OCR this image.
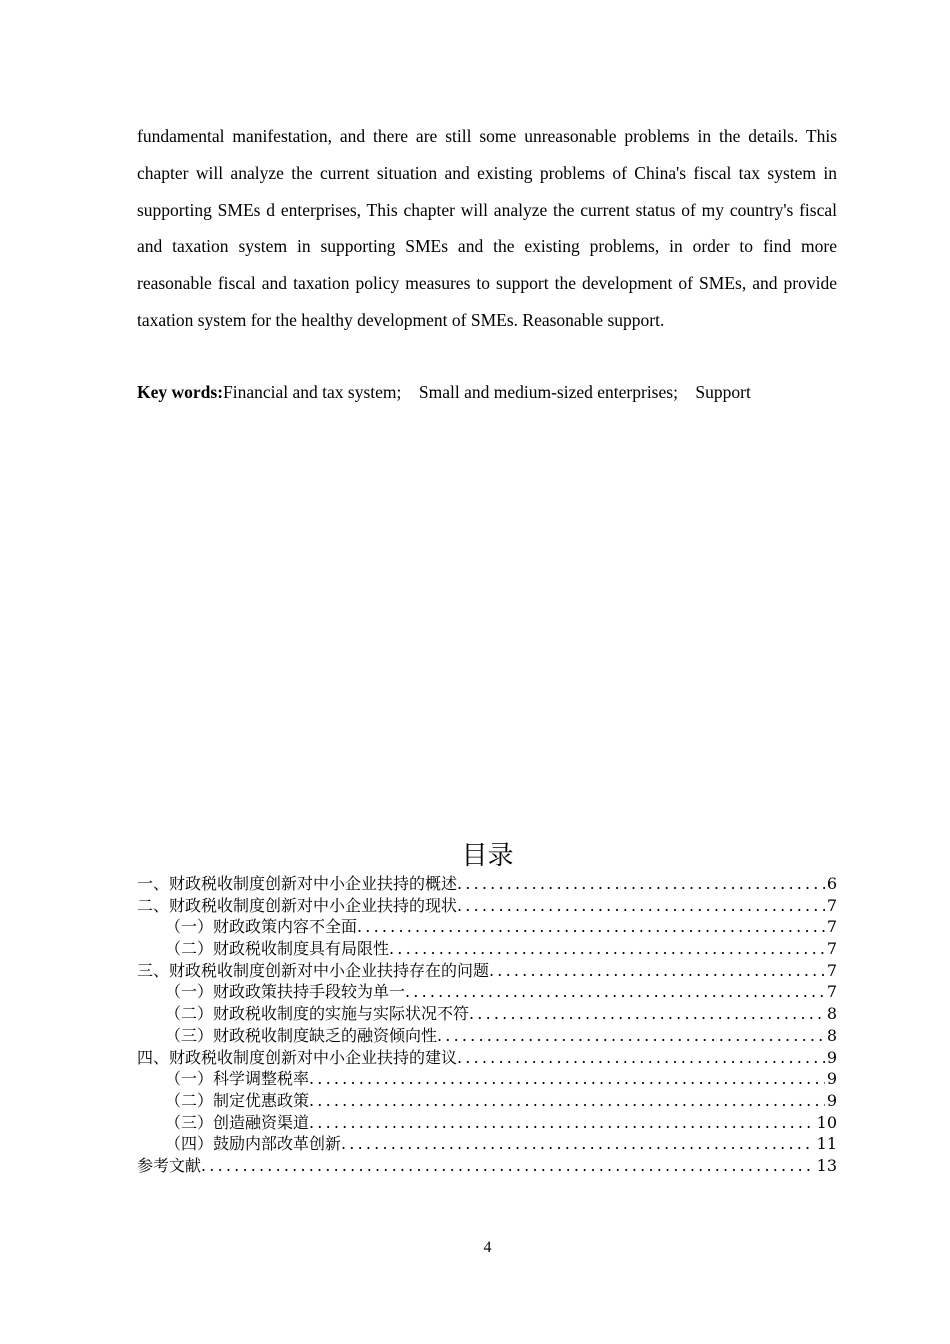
fundamental manifestation, and there are still some unreasonable problems in the details. This chapter will analyze the current situation and existing problems of China's fiscal tax system in supporting SMEs d enterprises, This chapter will analyze the current status of my country's fiscal and taxation system in supporting SMEs and the existing problems, in order to find more reasonable fiscal and taxation policy measures to support the development of SMEs, and provide taxation system for the healthy development of SMEs. Reasonable support.

Key words:Financial and tax system;　Small and medium-sized enterprises;　Support

目录
一、财政税收制度创新对中小企业扶持的概述 .....	6
二、财政税收制度创新对中小企业扶持的现状 .....	7
（一）财政政策内容不全面 .....	7
（二）财政税收制度具有局限性 .....	7
三、财政税收制度创新对中小企业扶持存在的问题 .....	7
（一）财政政策扶持手段较为单一 .....	7
（二）财政税收制度的实施与实际状况不符 .....	8
（三）财政税收制度缺乏的融资倾向性 .....	8
四、财政税收制度创新对中小企业扶持的建议 .....	9
（一）科学调整税率 .....	9
（二）制定优惠政策 .....	9
（三）创造融资渠道 .....	10
（四）鼓励内部改革创新 .....	11
参考文献 .....	13

4
